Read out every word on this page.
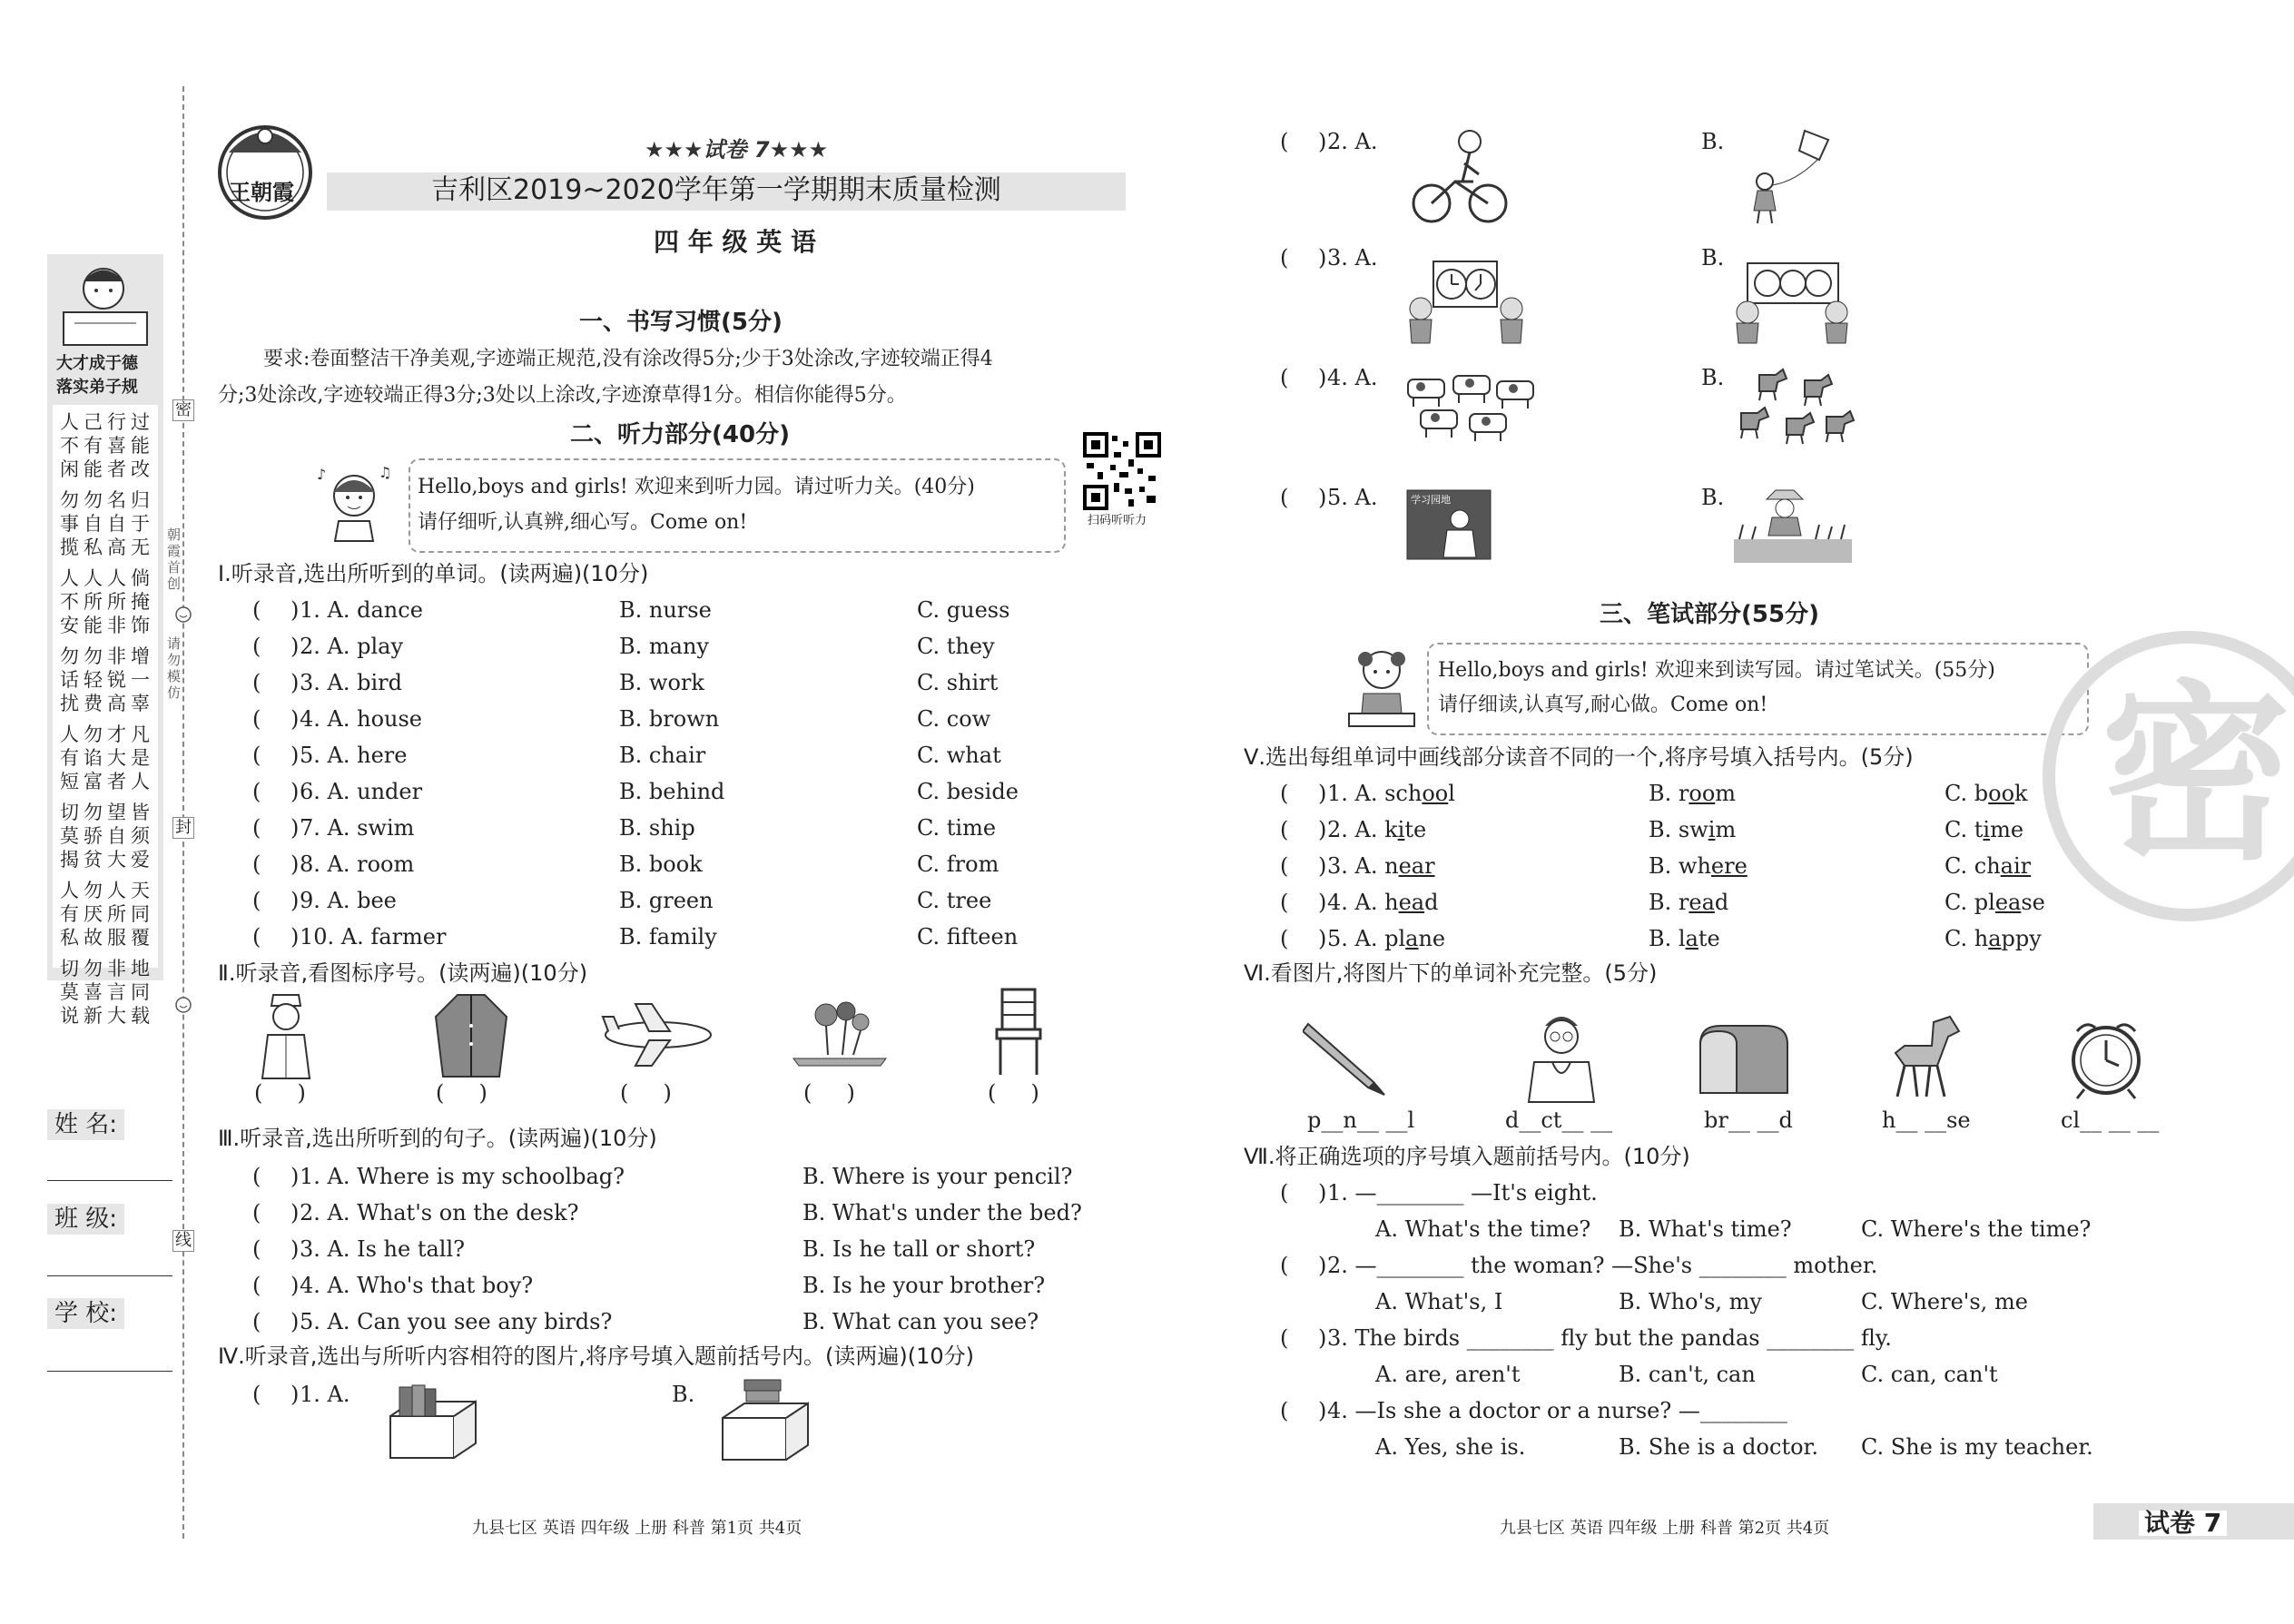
大才成于德
落实弟子规
人己行过
不有喜能
闲能者改
勿勿名归
事自自于
揽私高无
人人人倘
不所所掩
安能非饰
勿勿非增
话轻锐一
扰费高辜
人勿才凡
有谄大是
短富者人
切勿望皆
莫骄自须
揭贫大爱
人勿人天
有厌所同
私故服覆
切勿非地
莫喜言同
说新大载
密
封
线
朝霞首创
请勿模仿
姓 名:
班 级:
学 校:
王朝霞
★★★试卷 7★★★
吉利区2019~2020学年第一学期期末质量检测
四 年 级 英 语
一、书写习惯(5分)
要求:卷面整洁干净美观,字迹端正规范,没有涂改得5分;少于3处涂改,字迹较端正得4
分;3处涂改,字迹较端正得3分;3处以上涂改,字迹潦草得1分。相信你能得5分。
二、听力部分(40分)
♪	♫
Hello,boys and girls! 欢迎来到听力园。请过听力关。(40分)
请仔细听,认真辨,细心写。Come on!	扫码听听力
Ⅰ.听录音,选出所听到的单词。(读两遍)(10分)
( ) 1. A. dance	B. nurse	C. guess
( ) 2. A. play	B. many	C. they
( ) 3. A. bird	B. work	C. shirt
( ) 4. A. house	B. brown	C. cow
( ) 5. A. here	B. chair	C. what
( ) 6. A. under	B. behind	C. beside
( ) 7. A. swim	B. ship	C. time
( ) 8. A. room	B. book	C. from
( ) 9. A. bee	B. green	C. tree
( ) 10. A. farmer	B. family	C. fifteen
Ⅱ.听录音,看图标序号。(读两遍)(10分)
(     )	(     )	(     )	(     )	(     )
Ⅲ.听录音,选出所听到的句子。(读两遍)(10分)
( ) 1. A. Where is my schoolbag?	B. Where is your pencil?
( ) 2. A. What's on the desk?	B. What's under the bed?
( ) 3. A. Is he tall?	B. Is he tall or short?
( ) 4. A. Who's that boy?	B. Is he your brother?
( ) 5. A. Can you see any birds?	B. What can you see?
Ⅳ.听录音,选出与所听内容相符的图片,将序号填入题前括号内。(读两遍)(10分)
( ) 1. A.	B.
九县七区 英语 四年级 上册 科普 第1页 共4页
( ) 2. A.	B.
( ) 3. A.	B.
( ) 4. A.	B.
( ) 5. A.	B.
学习园地
三、笔试部分(55分)
Hello,boys and girls! 欢迎来到读写园。请过笔试关。(55分)
请仔细读,认真写,耐心做。Come on!
Ⅴ.选出每组单词中画线部分读音不同的一个,将序号填入括号内。(5分)
( ) 1. A. school	B. room	C. book
( ) 2. A. kite	B. swim	C. time
( ) 3. A. near	B. where	C. chair
( ) 4. A. head	B. read	C. please
( ) 5. A. plane	B. late	C. happy
Ⅵ.看图片,将图片下的单词补充完整。(5分)
p__n__ __l	d__ct__ __	br__ __d	h__ __se	cl__ __ __
Ⅶ.将正确选项的序号填入题前括号内。(10分)
( ) 1. —________ —It's eight.
A. What's the time? B. What's time?	C. Where's the time?
( ) 2. —________ the woman? —She's ________ mother.
A. What's, I	B. Who's, my	C. Where's, me
( ) 3. The birds ________ fly but the pandas ________ fly.
A. are, aren't	B. can't, can	C. can, can't
( ) 4. —Is she a doctor or a nurse? —________
A. Yes, she is.	B. She is a doctor. C. She is my teacher.
密
九县七区 英语 四年级 上册 科普 第2页 共4页	试卷 7
